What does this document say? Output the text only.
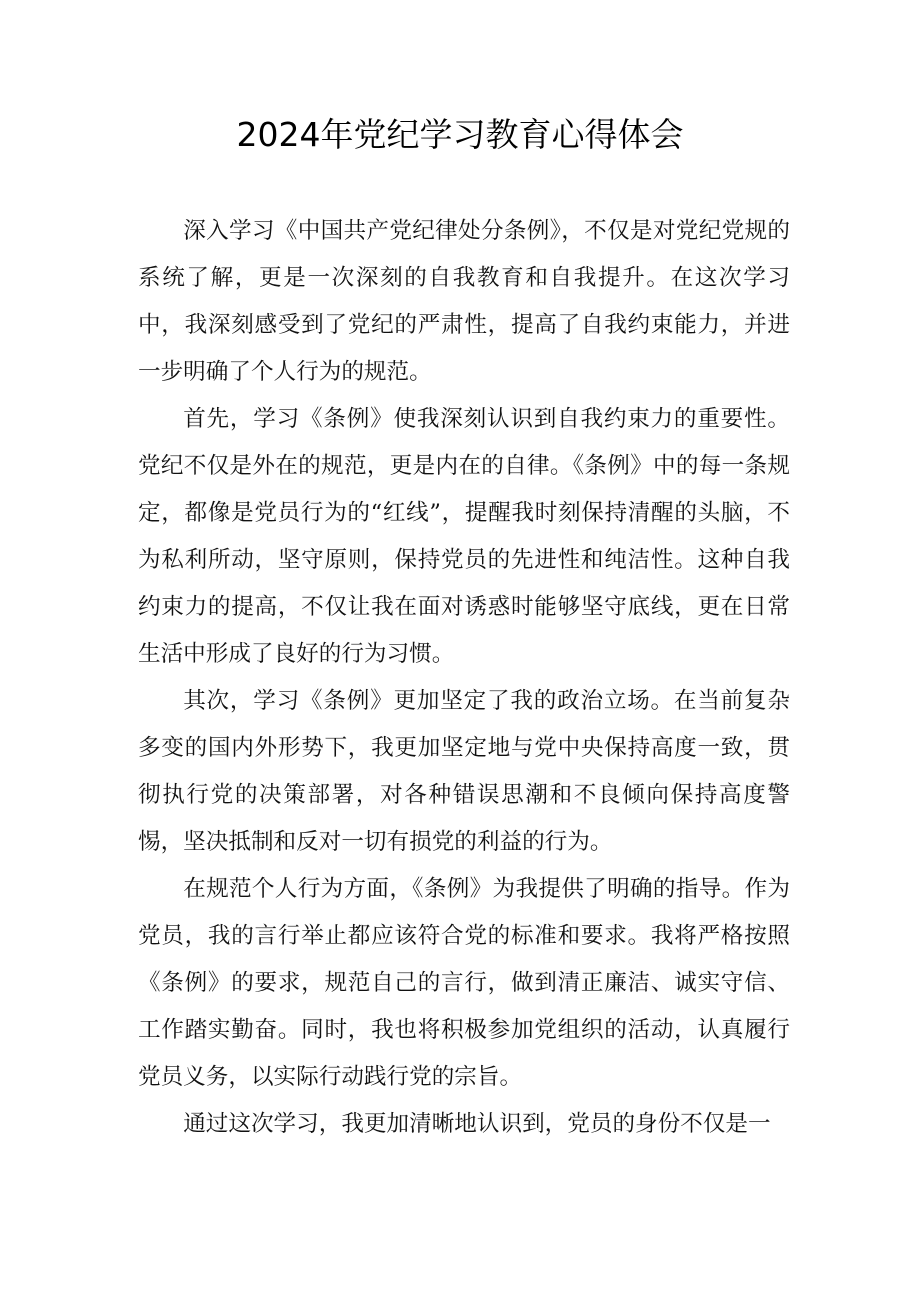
2024年党纪学习教育心得体会

深入学习《中国共产党纪律处分条例》，不仅是对党纪党规的系统了解，更是一次深刻的自我教育和自我提升。在这次学习中，我深刻感受到了党纪的严肃性，提高了自我约束能力，并进一步明确了个人行为的规范。

首先，学习《条例》使我深刻认识到自我约束力的重要性。党纪不仅是外在的规范，更是内在的自律。《条例》中的每一条规定，都像是党员行为的“红线”，提醒我时刻保持清醒的头脑，不为私利所动，坚守原则，保持党员的先进性和纯洁性。这种自我约束力的提高，不仅让我在面对诱惑时能够坚守底线，更在日常生活中形成了良好的行为习惯。

其次，学习《条例》更加坚定了我的政治立场。在当前复杂多变的国内外形势下，我更加坚定地与党中央保持高度一致，贯彻执行党的决策部署，对各种错误思潮和不良倾向保持高度警惕，坚决抵制和反对一切有损党的利益的行为。

在规范个人行为方面，《条例》为我提供了明确的指导。作为党员，我的言行举止都应该符合党的标准和要求。我将严格按照《条例》的要求，规范自己的言行，做到清正廉洁、诚实守信、工作踏实勤奋。同时，我也将积极参加党组织的活动，认真履行党员义务，以实际行动践行党的宗旨。

通过这次学习，我更加清晰地认识到，党员的身份不仅是一
